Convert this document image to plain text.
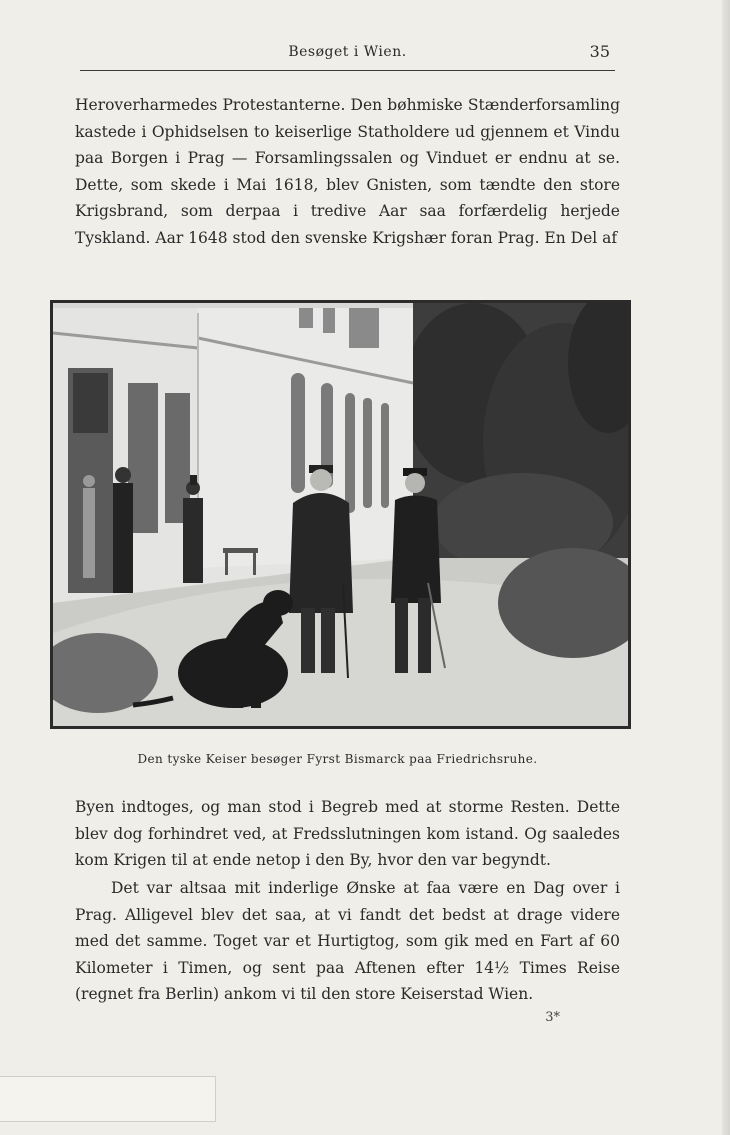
Besøget i Wien.	35

Heroverharmedes Protestanterne. Den bøhmiske Stænderforsamling kastede i Ophidselsen to keiserlige Statholdere ud gjennem et Vindu paa Borgen i Prag — Forsamlingssalen og Vinduet er endnu at se. Dette, som skede i Mai 1618, blev Gnisten, som tændte den store Krigsbrand, som derpaa i tredive Aar saa forfærdelig herjede Tyskland. Aar 1648 stod den svenske Krigshær foran Prag. En Del af

Den tyske Keiser besøger Fyrst Bismarck paa Friedrichsruhe.

Byen indtoges, og man stod i Begreb med at storme Resten. Dette blev dog forhindret ved, at Fredsslutningen kom istand. Og saaledes kom Krigen til at ende netop i den By, hvor den var begyndt.

Det var altsaa mit inderlige Ønske at faa være en Dag over i Prag. Alligevel blev det saa, at vi fandt det bedst at drage videre med det samme. Toget var et Hurtigtog, som gik med en Fart af 60 Kilometer i Timen, og sent paa Aftenen efter 14½ Times Reise (regnet fra Berlin) ankom vi til den store Keiserstad Wien.

3*
